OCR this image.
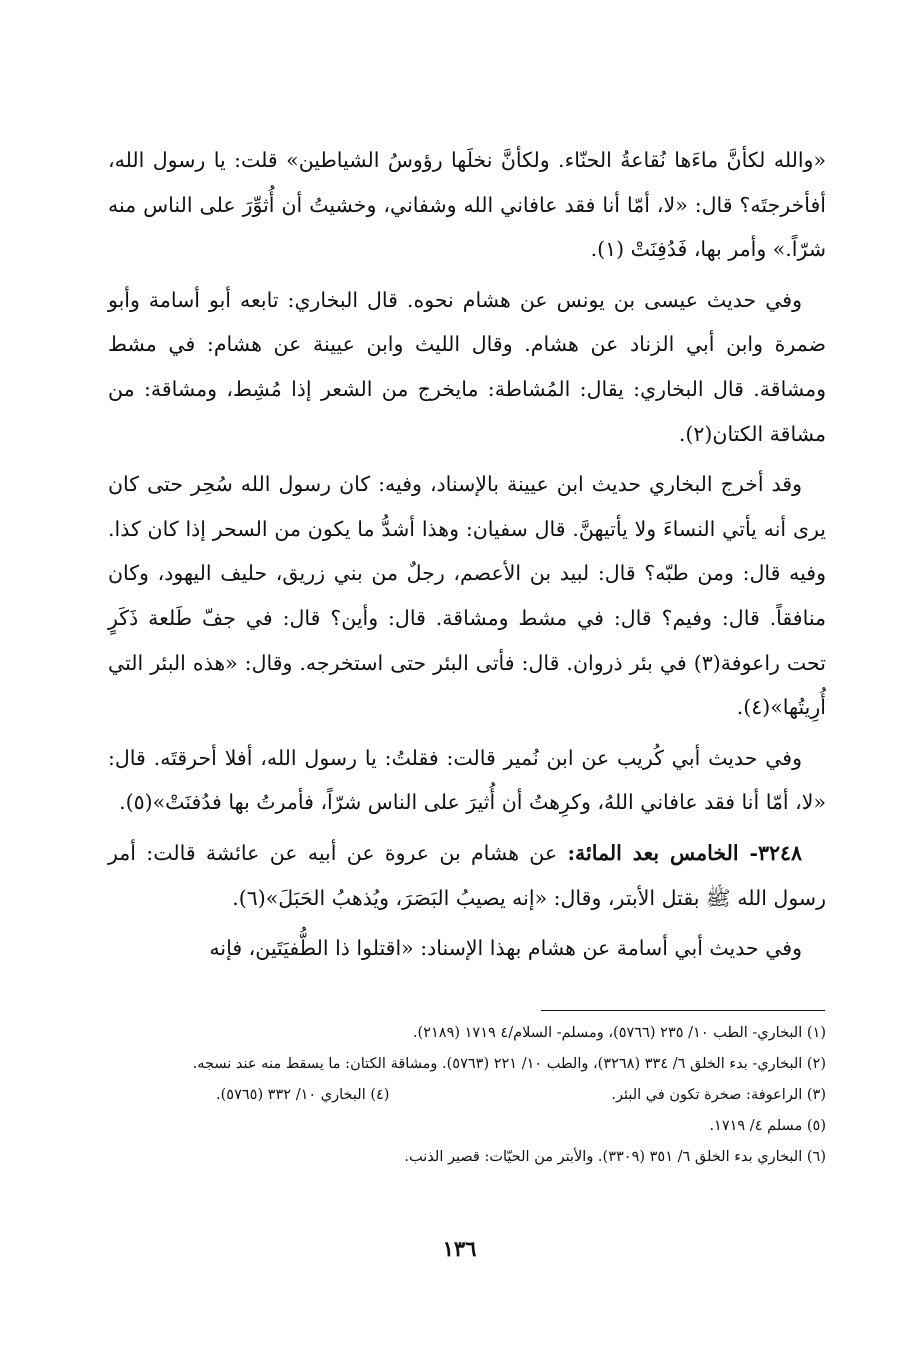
«والله لكأنَّ ماءَها نُقاعةُ الحنّاء. ولكأنَّ نخلَها رؤوسُ الشياطين» قلت: يا رسول الله، أفأخرجتَه؟ قال: «لا، أمّا أنا فقد عافاني الله وشفاني، وخشيتُ أن أُثوِّرَ على الناس منه شرّاً.» وأمر بها، فَدُفِنَتْ (١).

وفي حديث عيسى بن يونس عن هشام نحوه. قال البخاري: تابعه أبو أسامة وأبو ضمرة وابن أبي الزناد عن هشام. وقال الليث وابن عيينة عن هشام: في مشط ومشاقة. قال البخاري: يقال: المُشاطة: مايخرج من الشعر إذا مُشِط، ومشاقة: من مشاقة الكتان(٢).

وقد أخرج البخاري حديث ابن عيينة بالإسناد، وفيه: كان رسول الله سُحِر حتى كان يرى أنه يأتي النساءَ ولا يأتيهنَّ. قال سفيان: وهذا أشدُّ ما يكون من السحر إذا كان كذا. وفيه قال: ومن طبّه؟ قال: لبيد بن الأعصم، رجلٌ من بني زريق، حليف اليهود، وكان منافقاً. قال: وفيم؟ قال: في مشط ومشاقة. قال: وأين؟ قال: في جفّ طَلعة ذَكَرٍ تحت راعوفة(٣) في بئر ذروان. قال: فأتى البئر حتى استخرجه. وقال: «هذه البئر التي أُرِيتُها»(٤).

وفي حديث أبي كُريب عن ابن نُمير قالت: فقلتُ: يا رسول الله، أفلا أحرقتَه. قال: «لا، أمّا أنا فقد عافاني اللهُ، وكرِهتُ أن أُثيرَ على الناس شرّاً، فأمرتُ بها فدُفنَتْ»(٥).

٣٢٤٨- الخامس بعد المائة: عن هشام بن عروة عن أبيه عن عائشة قالت: أمر رسول الله ﷺ بقتل الأبتر، وقال: «إنه يصيبُ البَصَرَ، ويُذهبُ الحَبَلَ»(٦).

وفي حديث أبي أسامة عن هشام بهذا الإسناد: «اقتلوا ذا الطُّفيَتَين، فإنه

(١) البخاري- الطب ١٠/ ٢٣٥ (٥٧٦٦)، ومسلم- السلام/٤ ١٧١٩ (٢١٨٩).

(٢) البخاري- بدء الخلق ٦/ ٣٣٤ (٣٢٦٨)، والطب ١٠/ ٢٢١ (٥٧٦٣). ومشاقة الكتان: ما يسقط منه عند نسجه.

(٣) الراعوفة: صخرة تكون في البئر.
(٤) البخاري ١٠/ ٣٣٢ (٥٧٦٥).

(٥) مسلم ٤/ ١٧١٩.

(٦) البخاري بدء الخلق ٦/ ٣٥١ (٣٣٠٩). والأبتر من الحيّات: قصير الذنب.

١٣٦
